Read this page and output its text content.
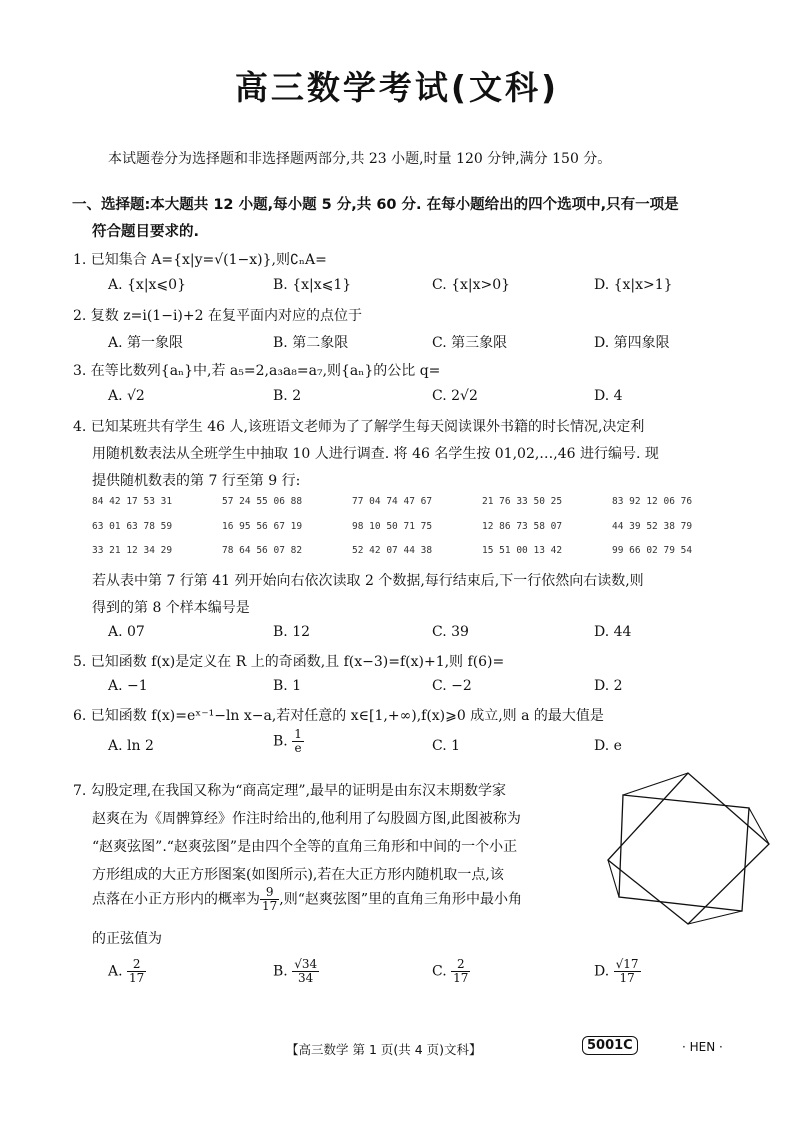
高三数学考试(文科)
本试题卷分为选择题和非选择题两部分,共 23 小题,时量 120 分钟,满分 150 分。
一、选择题:本大题共 12 小题,每小题 5 分,共 60 分. 在每小题给出的四个选项中,只有一项是
符合题目要求的.
1. 已知集合 A={x|y=√(1−x)},则∁ₙA=
A. {x|x⩽0}	B. {x|x⩽1}	C. {x|x>0}	D. {x|x>1}
2. 复数 z=i(1−i)+2 在复平面内对应的点位于
A. 第一象限	B. 第二象限	C. 第三象限	D. 第四象限
3. 在等比数列{aₙ}中,若 a₅=2,a₃a₈=a₇,则{aₙ}的公比 q=
A. √2	B. 2	C. 2√2	D. 4
4. 已知某班共有学生 46 人,该班语文老师为了了解学生每天阅读课外书籍的时长情况,决定利
用随机数表法从全班学生中抽取 10 人进行调查. 将 46 名学生按 01,02,…,46 进行编号. 现
提供随机数表的第 7 行至第 9 行:
84 42 17 53 31	57 24 55 06 88	77 04 74 47 67	21 76 33 50 25	83 92 12 06 76
63 01 63 78 59	16 95 56 67 19	98 10 50 71 75	12 86 73 58 07	44 39 52 38 79
33 21 12 34 29	78 64 56 07 82	52 42 07 44 38	15 51 00 13 42	99 66 02 79 54
若从表中第 7 行第 41 列开始向右依次读取 2 个数据,每行结束后,下一行依然向右读数,则
得到的第 8 个样本编号是
A. 07	B. 12	C. 39	D. 44
5. 已知函数 f(x)是定义在 R 上的奇函数,且 f(x−3)=f(x)+1,则 f(6)=
A. −1	B. 1	C. −2	D. 2
6. 已知函数 f(x)=eˣ⁻¹−ln x−a,若对任意的 x∈[1,+∞),f(x)⩾0 成立,则 a 的最大值是
A. ln 2	B. $\frac{1}{e}$	C. 1	D. e
7. 勾股定理,在我国又称为“商高定理”,最早的证明是由东汉末期数学家
赵爽在为《周髀算经》作注时给出的,他利用了勾股圆方图,此图被称为
“赵爽弦图”.“赵爽弦图”是由四个全等的直角三角形和中间的一个小正
方形组成的大正方形图案(如图所示),若在大正方形内随机取一点,该
点落在小正方形内的概率为 $\frac{9}{17}$ ,则“赵爽弦图”里的直角三角形中最小角
的正弦值为
A. $\frac{2}{17}$	B. $\frac{√34}{34}$	C. $\frac{2}{17}$	D. $\frac{√17}{17}$
【高三数学 第 1 页(共 4 页)文科】	5001C	· HEN ·
